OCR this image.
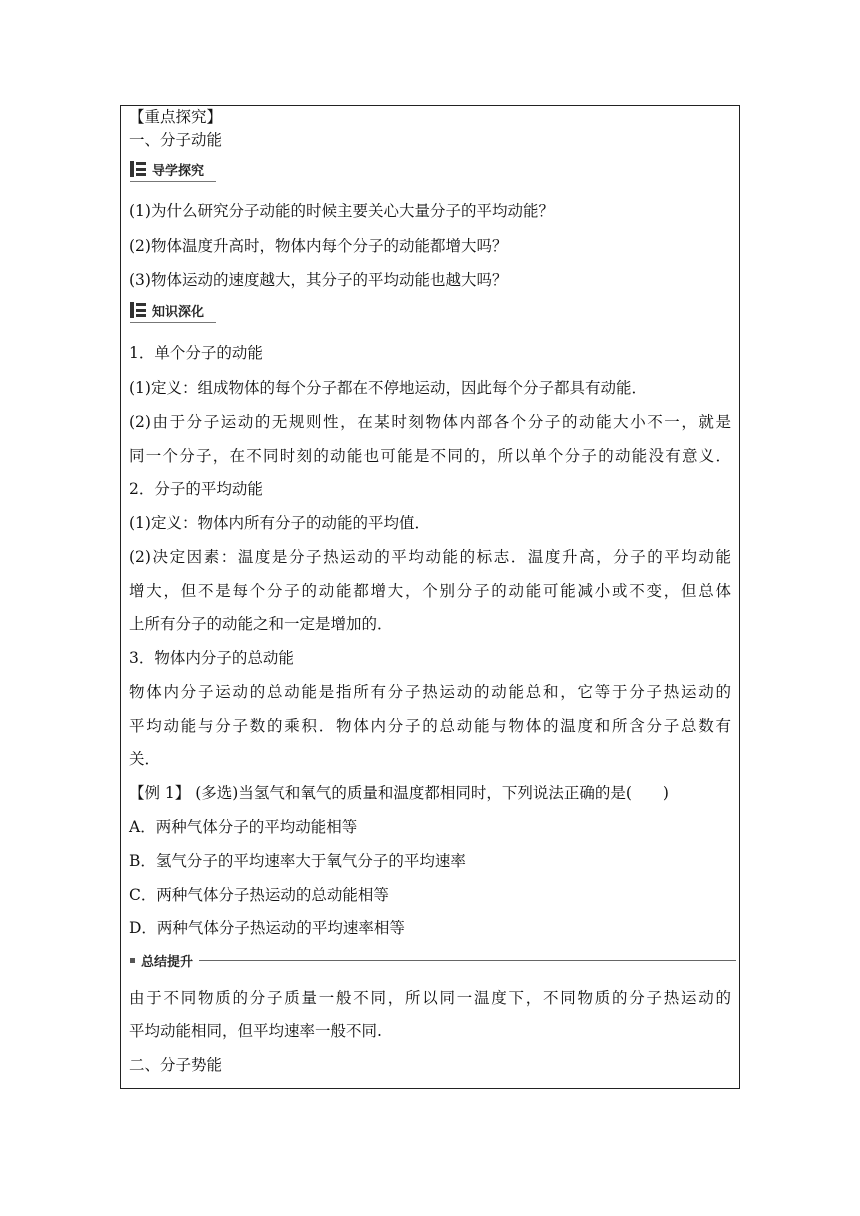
【重点探究】
一、分子动能
导学探究
(1)为什么研究分子动能的时候主要关心大量分子的平均动能？
(2)物体温度升高时，物体内每个分子的动能都增大吗？
(3)物体运动的速度越大，其分子的平均动能也越大吗？
知识深化
1．单个分子的动能
(1)定义：组成物体的每个分子都在不停地运动，因此每个分子都具有动能．
(2)由于分子运动的无规则性，在某时刻物体内部各个分子的动能大小不一，就是
同一个分子，在不同时刻的动能也可能是不同的，所以单个分子的动能没有意义．
2．分子的平均动能
(1)定义：物体内所有分子的动能的平均值．
(2)决定因素：温度是分子热运动的平均动能的标志．温度升高，分子的平均动能
增大，但不是每个分子的动能都增大，个别分子的动能可能减小或不变，但总体
上所有分子的动能之和一定是增加的．
3．物体内分子的总动能
物体内分子运动的总动能是指所有分子热运动的动能总和，它等于分子热运动的
平均动能与分子数的乘积．物体内分子的总动能与物体的温度和所含分子总数有
关．
【例 1】 (多选)当氢气和氧气的质量和温度都相同时，下列说法正确的是(　　)
A．两种气体分子的平均动能相等
B．氢气分子的平均速率大于氧气分子的平均速率
C．两种气体分子热运动的总动能相等
D．两种气体分子热运动的平均速率相等
总结提升
由于不同物质的分子质量一般不同，所以同一温度下，不同物质的分子热运动的
平均动能相同，但平均速率一般不同.
二、分子势能
